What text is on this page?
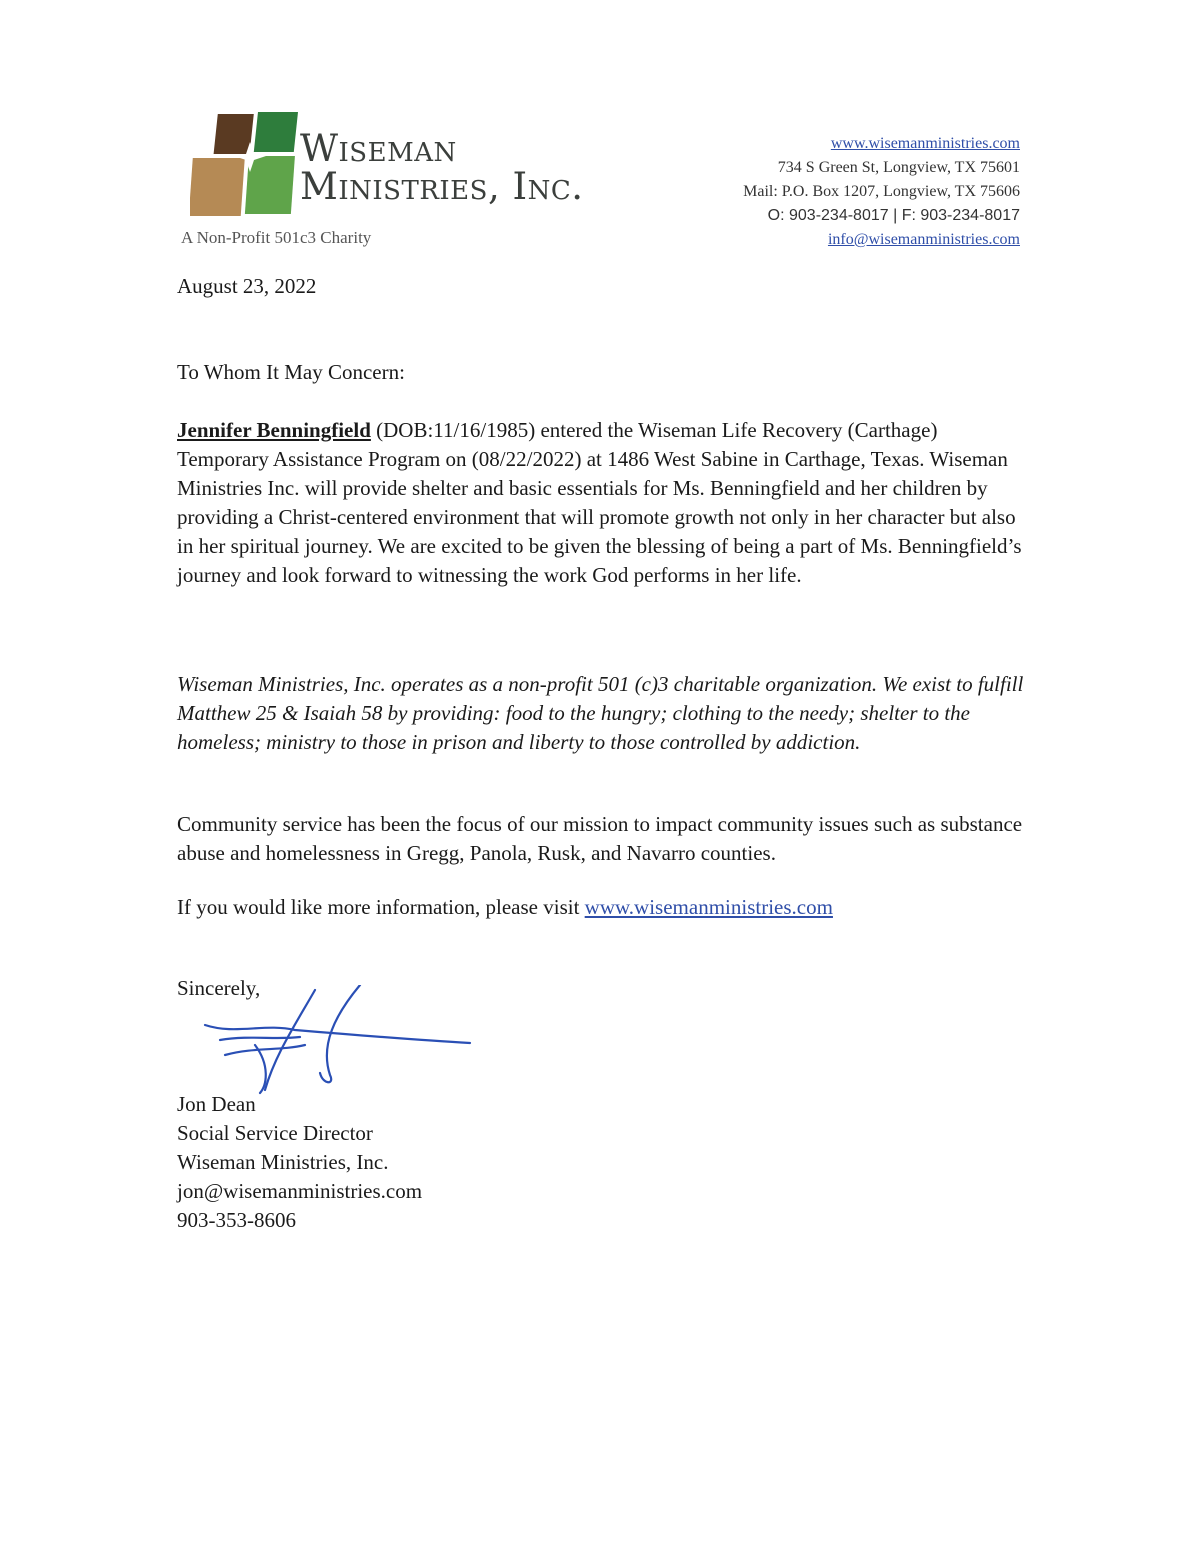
Wiseman
Ministries, Inc.
A Non-Profit 501c3 Charity
www.wisemanministries.com
734 S Green St, Longview, TX 75601
Mail: P.O. Box 1207, Longview, TX 75606
O: 903-234-8017 | F: 903-234-8017
info@wisemanministries.com
August 23, 2022
To Whom It May Concern:
Jennifer Benningfield (DOB:11/16/1985) entered the Wiseman Life Recovery (Carthage) Temporary Assistance Program on (08/22/2022) at 1486 West Sabine in Carthage, Texas. Wiseman Ministries Inc. will provide shelter and basic essentials for Ms. Benningfield and her children by providing a Christ-centered environment that will promote growth not only in her character but also in her spiritual journey. We are excited to be given the blessing of being a part of Ms. Benningfield’s journey and look forward to witnessing the work God performs in her life.
Wiseman Ministries, Inc. operates as a non-profit 501 (c)3 charitable organization. We exist to fulfill Matthew 25 & Isaiah 58 by providing: food to the hungry; clothing to the needy; shelter to the homeless; ministry to those in prison and liberty to those controlled by addiction.
Community service has been the focus of our mission to impact community issues such as substance abuse and homelessness in Gregg, Panola, Rusk, and Navarro counties.
If you would like more information, please visit www.wisemanministries.com
Sincerely,
Jon Dean
Social Service Director
Wiseman Ministries, Inc.
jon@wisemanministries.com
903-353-8606
